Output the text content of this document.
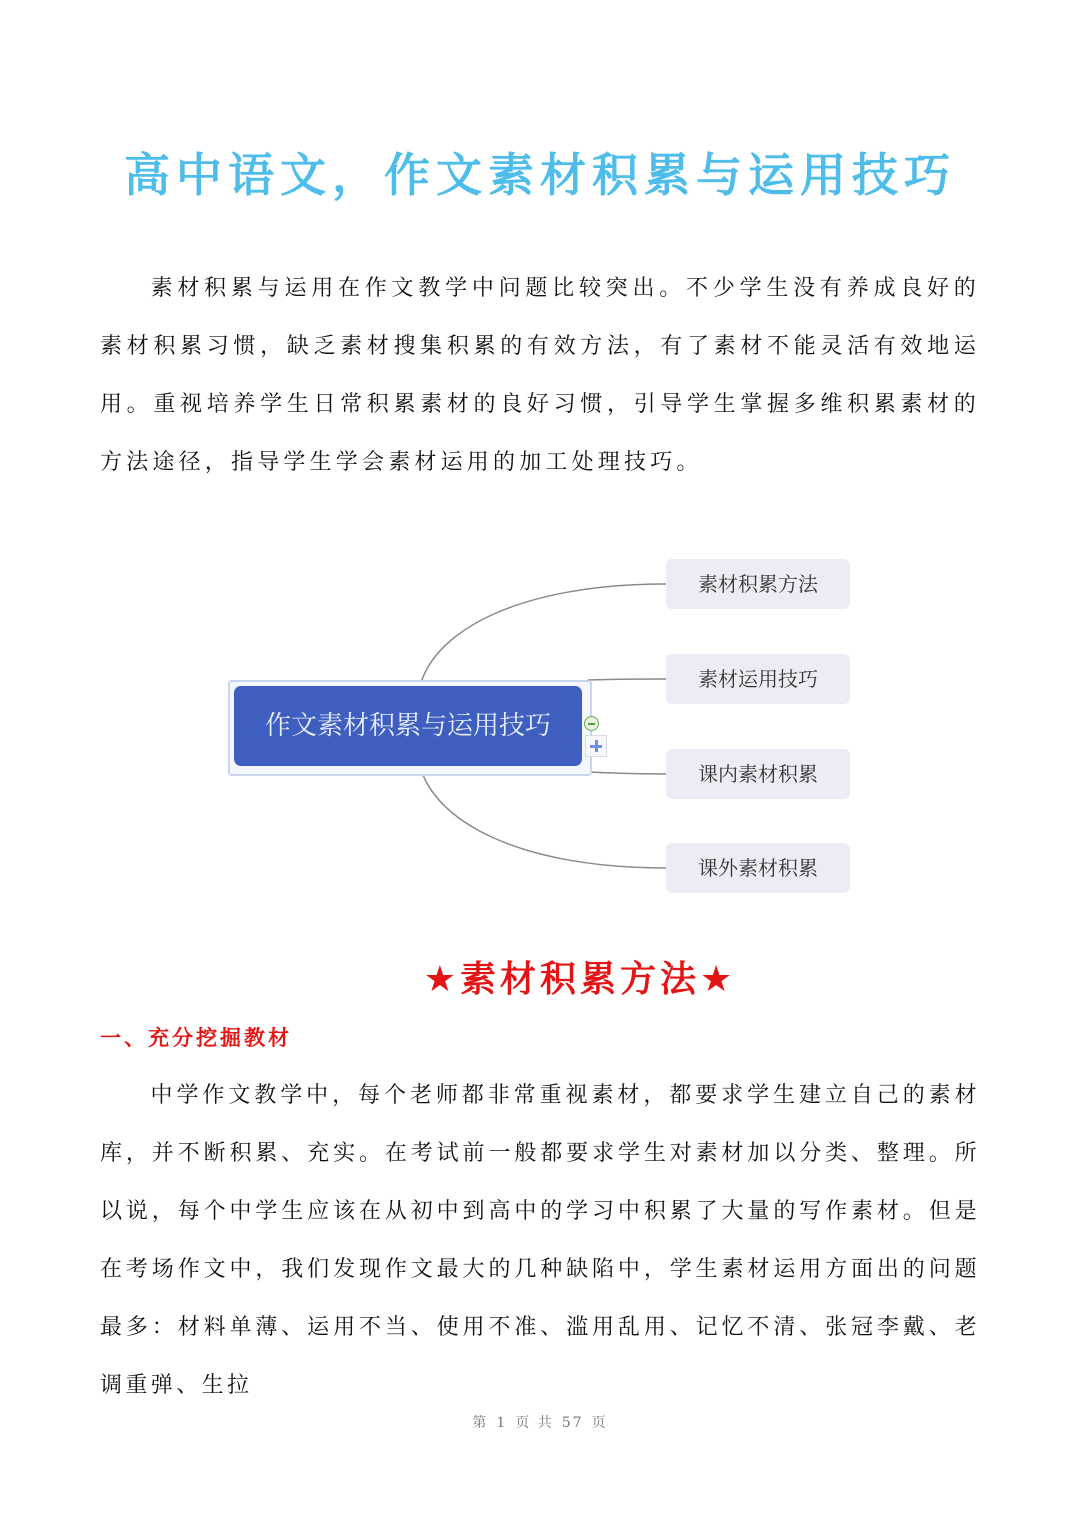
高中语文，作文素材积累与运用技巧
素材积累与运用在作文教学中问题比较突出。不少学生没有养成良好的素材积累习惯，缺乏素材搜集积累的有效方法，有了素材不能灵活有效地运用。重视培养学生日常积累素材的良好习惯，引导学生掌握多维积累素材的方法途径，指导学生学会素材运用的加工处理技巧。
作文素材积累与运用技巧
素材积累方法
素材运用技巧
课内素材积累
课外素材积累
★素材积累方法★
一、充分挖掘教材
中学作文教学中，每个老师都非常重视素材，都要求学生建立自己的素材库，并不断积累、充实。在考试前一般都要求学生对素材加以分类、整理。所以说，每个中学生应该在从初中到高中的学习中积累了大量的写作素材。但是在考场作文中，我们发现作文最大的几种缺陷中，学生素材运用方面出的问题最多：材料单薄、运用不当、使用不准、滥用乱用、记忆不清、张冠李戴、老调重弹、生拉
第 1 页 共 57 页
